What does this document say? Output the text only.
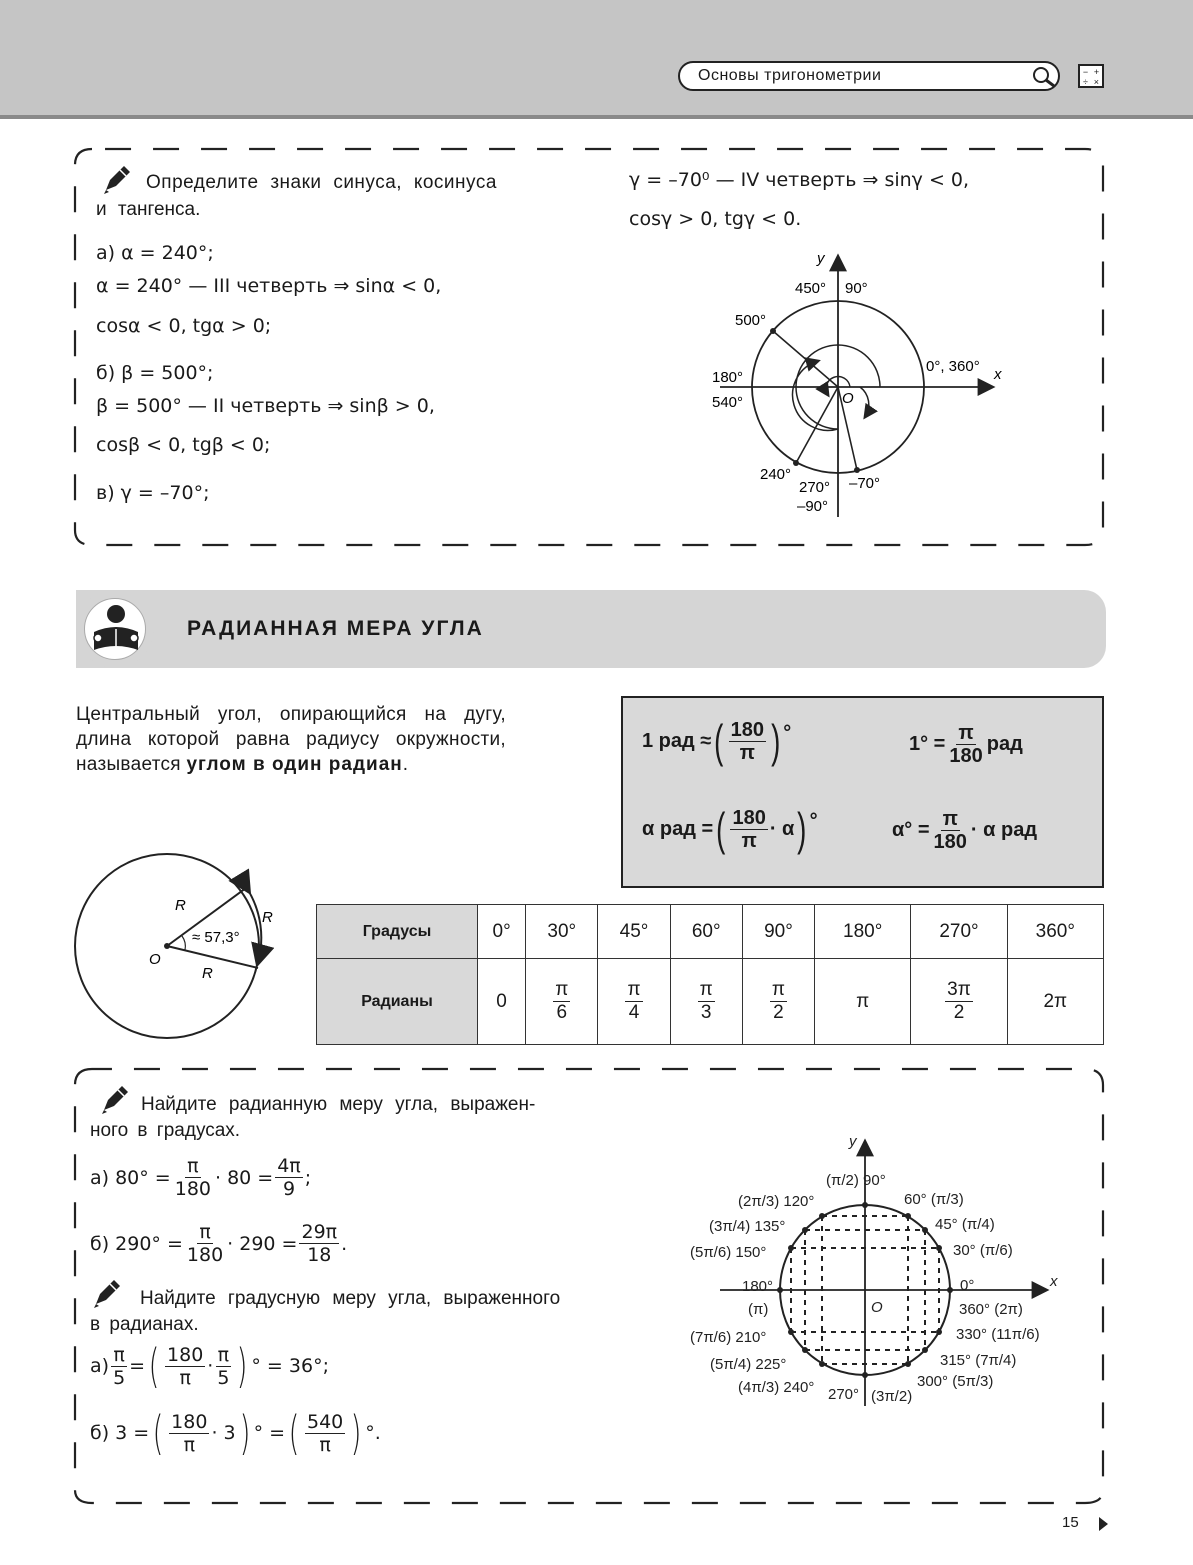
Основы тригонометрии	− +
÷ ×
Определите знаки синуса, косинуса
и тангенса.
а) α = 240°;
α = 240° — III четверть ⇒ sinα < 0,
cosα < 0, tgα > 0;
б) β = 500°;
β = 500° — II четверть ⇒ sinβ > 0,
cosβ < 0, tgβ < 0;
в) γ = –70°;
γ = –70⁰ — IV четверть ⇒ sinγ < 0,
cosγ > 0, tgγ < 0.
y
x
O
450° 90°
500°
0°, 360°
180°
540°
240°
270°
–90°
–70°
РАДИАННАЯ МЕРА УГЛА
Центральный угол, опирающийся на дугу, длина которой равна радиусу окружности, называется углом в один радиан.
1 рад ≈ ( $\frac{180}{\pi}$ ) °
$1^\circ = \frac{\pi}{180}$ рад
α рад = ( $\frac{180}{\pi} \cdot \alpha$ ) °	$\alpha^\circ = \frac{\pi}{180} \cdot \alpha$ рад
R
R
R
O
≈ 57,3°	Градусы	0°	30°	45°	60°	90°	180°	270°	360°
Радианы	0	$\frac{\pi}{6}$	$\frac{\pi}{4}$	$\frac{\pi}{3}$	$\frac{\pi}{2}$	π	$\frac{3\pi}{2}$	2π
Найдите радианную меру угла, выражен-
ного в градусах.
а) $80^\circ = \frac{\pi}{180} \cdot 80 = \frac{4\pi}{9}$ ;
б) $290^\circ = \frac{\pi}{180} \cdot 290 = \frac{29\pi}{18}$ .
Найдите градусную меру угла, выраженного
в радианах.
$а) \frac{\pi}{5}$ = ( $\frac{180}{\pi} \cdot \frac{\pi}{5}$ ) ° = 36°;
б) 3 = ( $\frac{180}{\pi} \cdot 3$ ) ° = ( $\frac{540}{\pi}$ ) °.
y
x
O
(π/2) 90°
(2π/3) 120°	60° (π/3)
(3π/4) 135°	45° (π/4)
(5π/6) 150°	30° (π/6)
180°
(π)
0°
360° (2π)
(7π/6) 210°	330° (11π/6)
(5π/4) 225°	315° (7π/4)
(4π/3) 240°	300° (5π/3)
270° (3π/2)
15
